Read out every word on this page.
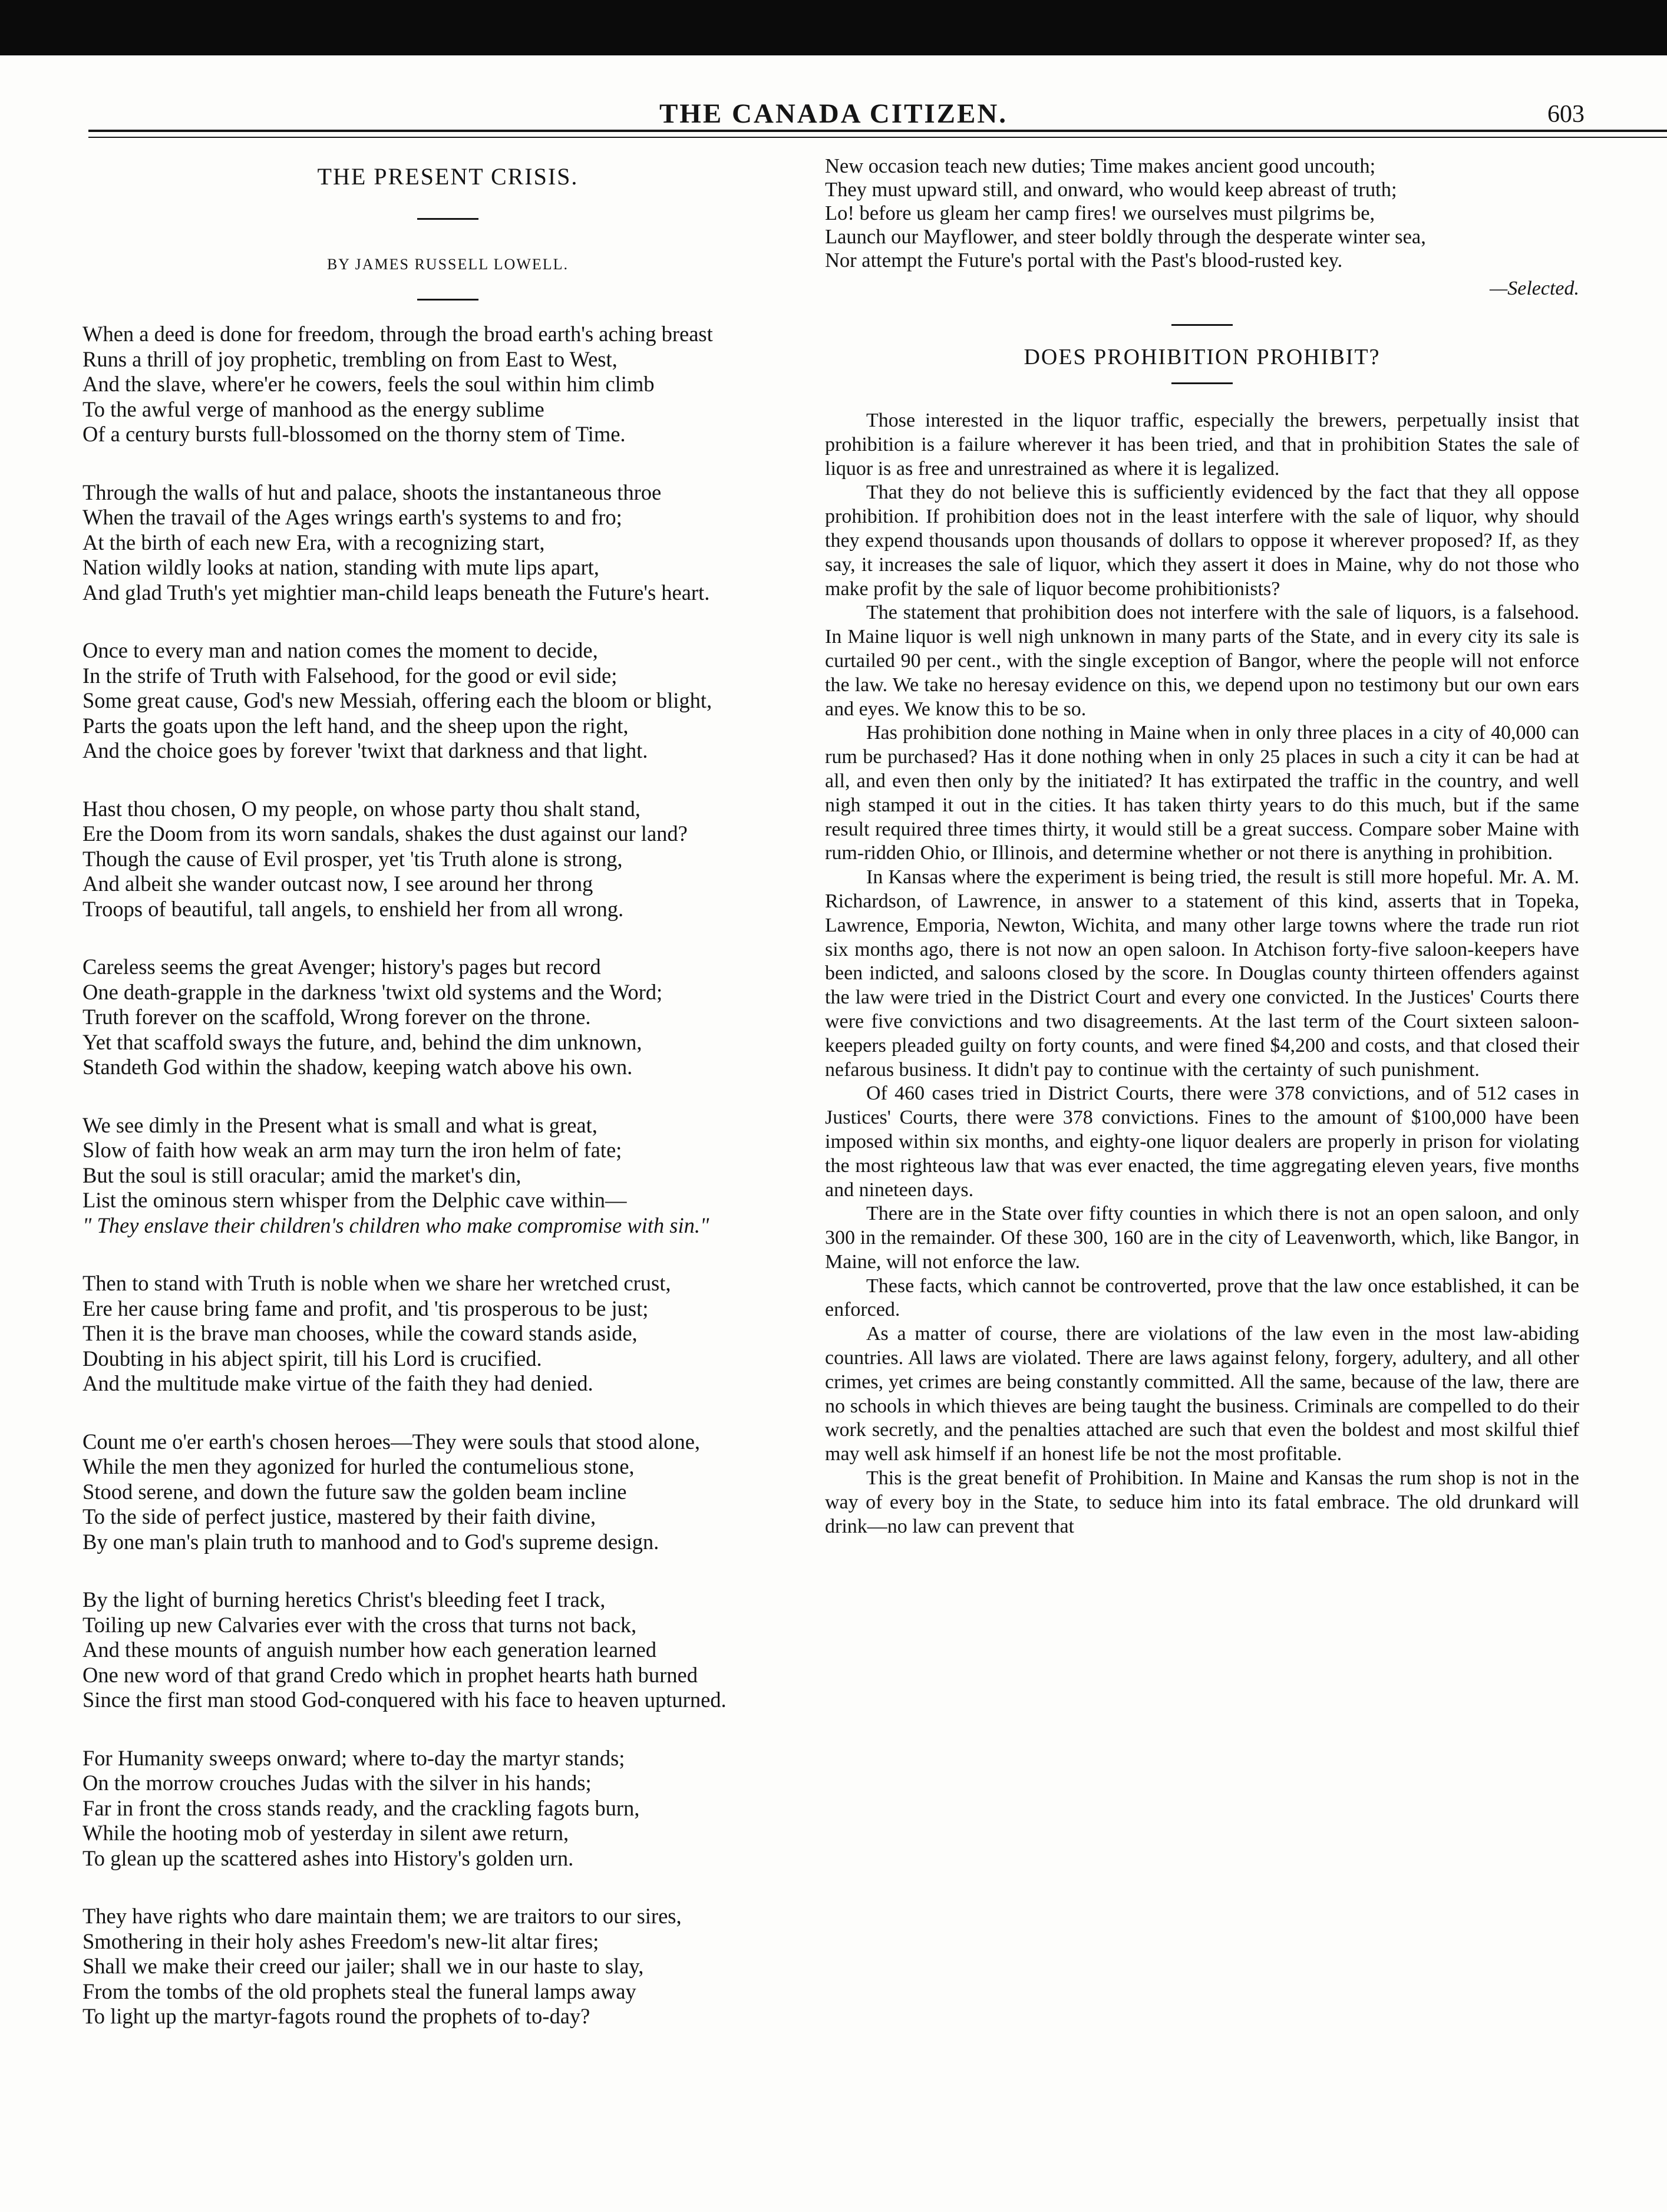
THE CANADA CITIZEN.	603
THE PRESENT CRISIS.
BY JAMES RUSSELL LOWELL.
When a deed is done for freedom, through the broad earth's aching breast
Runs a thrill of joy prophetic, trembling on from East to West,
And the slave, where'er he cowers, feels the soul within him climb
To the awful verge of manhood as the energy sublime
Of a century bursts full-blossomed on the thorny stem of Time.
Through the walls of hut and palace, shoots the instantaneous throe
When the travail of the Ages wrings earth's systems to and fro;
At the birth of each new Era, with a recognizing start,
Nation wildly looks at nation, standing with mute lips apart,
And glad Truth's yet mightier man-child leaps beneath the Future's heart.
Once to every man and nation comes the moment to decide,
In the strife of Truth with Falsehood, for the good or evil side;
Some great cause, God's new Messiah, offering each the bloom or blight,
Parts the goats upon the left hand, and the sheep upon the right,
And the choice goes by forever 'twixt that darkness and that light.
Hast thou chosen, O my people, on whose party thou shalt stand,
Ere the Doom from its worn sandals, shakes the dust against our land?
Though the cause of Evil prosper, yet 'tis Truth alone is strong,
And albeit she wander outcast now, I see around her throng
Troops of beautiful, tall angels, to enshield her from all wrong.
Careless seems the great Avenger; history's pages but record
One death-grapple in the darkness 'twixt old systems and the Word;
Truth forever on the scaffold, Wrong forever on the throne.
Yet that scaffold sways the future, and, behind the dim unknown,
Standeth God within the shadow, keeping watch above his own.
We see dimly in the Present what is small and what is great,
Slow of faith how weak an arm may turn the iron helm of fate;
But the soul is still oracular; amid the market's din,
List the ominous stern whisper from the Delphic cave within—
" They enslave their children's children who make compromise with sin."
Then to stand with Truth is noble when we share her wretched crust,
Ere her cause bring fame and profit, and 'tis prosperous to be just;
Then it is the brave man chooses, while the coward stands aside,
Doubting in his abject spirit, till his Lord is crucified.
And the multitude make virtue of the faith they had denied.
Count me o'er earth's chosen heroes—They were souls that stood alone,
While the men they agonized for hurled the contumelious stone,
Stood serene, and down the future saw the golden beam incline
To the side of perfect justice, mastered by their faith divine,
By one man's plain truth to manhood and to God's supreme design.
By the light of burning heretics Christ's bleeding feet I track,
Toiling up new Calvaries ever with the cross that turns not back,
And these mounts of anguish number how each generation learned
One new word of that grand Credo which in prophet hearts hath burned
Since the first man stood God-conquered with his face to heaven upturned.
For Humanity sweeps onward; where to-day the martyr stands;
On the morrow crouches Judas with the silver in his hands;
Far in front the cross stands ready, and the crackling fagots burn,
While the hooting mob of yesterday in silent awe return,
To glean up the scattered ashes into History's golden urn.
They have rights who dare maintain them; we are traitors to our sires,
Smothering in their holy ashes Freedom's new-lit altar fires;
Shall we make their creed our jailer; shall we in our haste to slay,
From the tombs of the old prophets steal the funeral lamps away
To light up the martyr-fagots round the prophets of to-day?
New occasion teach new duties; Time makes ancient good uncouth;
They must upward still, and onward, who would keep abreast of truth;
Lo! before us gleam her camp fires! we ourselves must pilgrims be,
Launch our Mayflower, and steer boldly through the desperate winter sea,
Nor attempt the Future's portal with the Past's blood-rusted key.
—Selected.
DOES PROHIBITION PROHIBIT?

Those interested in the liquor traffic, especially the brewers, perpetually insist that prohibition is a failure wherever it has been tried, and that in prohibition States the sale of liquor is as free and unrestrained as where it is legalized.

That they do not believe this is sufficiently evidenced by the fact that they all oppose prohibition. If prohibition does not in the least interfere with the sale of liquor, why should they expend thousands upon thousands of dollars to oppose it wherever proposed? If, as they say, it increases the sale of liquor, which they assert it does in Maine, why do not those who make profit by the sale of liquor become prohibitionists?

The statement that prohibition does not interfere with the sale of liquors, is a falsehood. In Maine liquor is well nigh unknown in many parts of the State, and in every city its sale is curtailed 90 per cent., with the single exception of Bangor, where the people will not enforce the law. We take no heresay evidence on this, we depend upon no testimony but our own ears and eyes. We know this to be so.

Has prohibition done nothing in Maine when in only three places in a city of 40,000 can rum be purchased? Has it done nothing when in only 25 places in such a city it can be had at all, and even then only by the initiated? It has extirpated the traffic in the country, and well nigh stamped it out in the cities. It has taken thirty years to do this much, but if the same result required three times thirty, it would still be a great success. Compare sober Maine with rum-ridden Ohio, or Illinois, and determine whether or not there is anything in prohibition.

In Kansas where the experiment is being tried, the result is still more hopeful. Mr. A. M. Richardson, of Lawrence, in answer to a statement of this kind, asserts that in Topeka, Lawrence, Emporia, Newton, Wichita, and many other large towns where the trade run riot six months ago, there is not now an open saloon. In Atchison forty-five saloon-keepers have been indicted, and saloons closed by the score. In Douglas county thirteen offenders against the law were tried in the District Court and every one convicted. In the Justices' Courts there were five convictions and two disagreements. At the last term of the Court sixteen saloon-keepers pleaded guilty on forty counts, and were fined $4,200 and costs, and that closed their nefarous business. It didn't pay to continue with the certainty of such punishment.

Of 460 cases tried in District Courts, there were 378 convictions, and of 512 cases in Justices' Courts, there were 378 convictions. Fines to the amount of $100,000 have been imposed within six months, and eighty-one liquor dealers are properly in prison for violating the most righteous law that was ever enacted, the time aggregating eleven years, five months and nineteen days.

There are in the State over fifty counties in which there is not an open saloon, and only 300 in the remainder. Of these 300, 160 are in the city of Leavenworth, which, like Bangor, in Maine, will not enforce the law.

These facts, which cannot be controverted, prove that the law once established, it can be enforced.

As a matter of course, there are violations of the law even in the most law-abiding countries. All laws are violated. There are laws against felony, forgery, adultery, and all other crimes, yet crimes are being constantly committed. All the same, because of the law, there are no schools in which thieves are being taught the business. Criminals are compelled to do their work secretly, and the penalties attached are such that even the boldest and most skilful thief may well ask himself if an honest life be not the most profitable.

This is the great benefit of Prohibition. In Maine and Kansas the rum shop is not in the way of every boy in the State, to seduce him into its fatal embrace. The old drunkard will drink—no law can prevent that
